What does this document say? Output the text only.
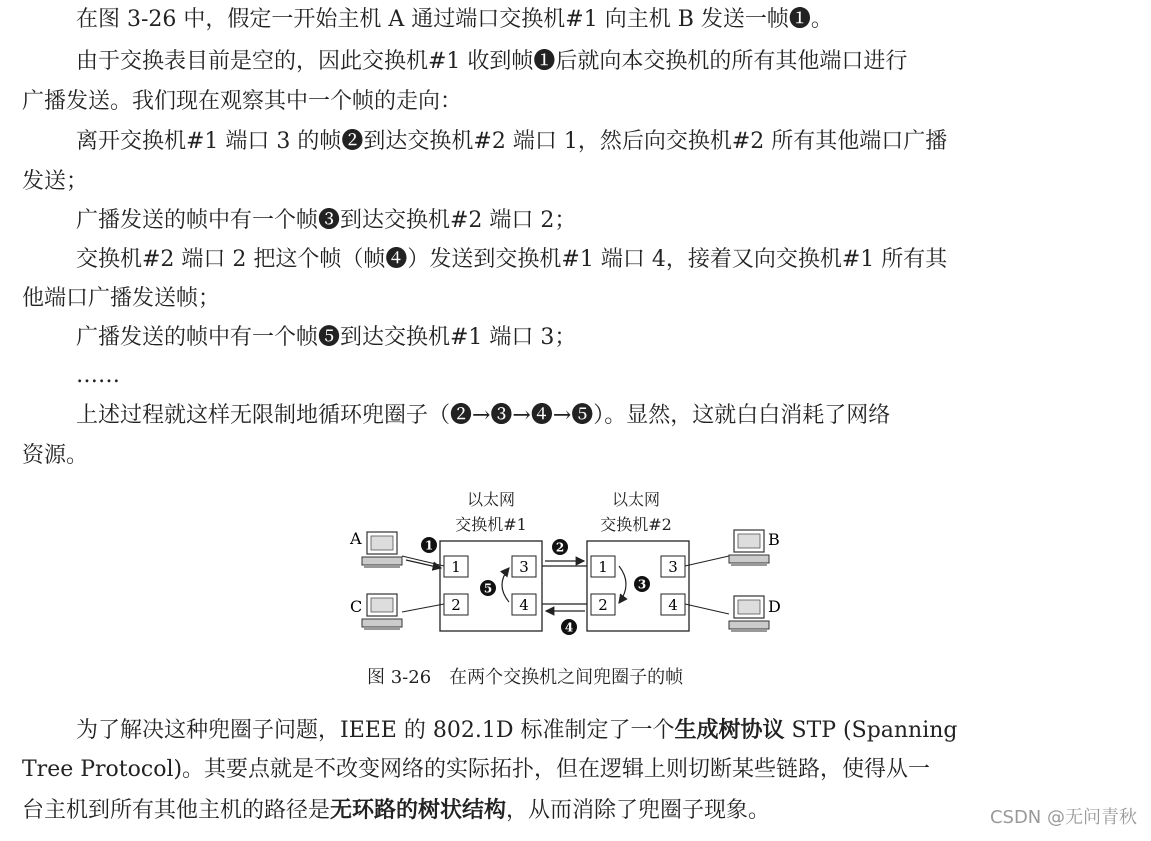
在图 3-26 中，假定一开始主机 A 通过端口交换机#1 向主机 B 发送一帧❶。
由于交换表目前是空的，因此交换机#1 收到帧❶后就向本交换机的所有其他端口进行
广播发送。我们现在观察其中一个帧的走向：
离开交换机#1 端口 3 的帧❷到达交换机#2 端口 1，然后向交换机#2 所有其他端口广播
发送；
广播发送的帧中有一个帧❸到达交换机#2 端口 2；
交换机#2 端口 2 把这个帧（帧❹）发送到交换机#1 端口 4，接着又向交换机#1 所有其
他端口广播发送帧；
广播发送的帧中有一个帧❺到达交换机#1 端口 3；
……
上述过程就这样无限制地循环兜圈子（❷→❸→❹→❺）。显然，这就白白消耗了网络
资源。
以太网
交换机#1
以太网
交换机#2
1
2
3
4
1
2
3
4
A
C
B
D
1	2
3
4
5
图 3-26　在两个交换机之间兜圈子的帧
为了解决这种兜圈子问题，IEEE 的 802.1D 标准制定了一个生成树协议 STP (Spanning
Tree Protocol)。其要点就是不改变网络的实际拓扑，但在逻辑上则切断某些链路，使得从一
台主机到所有其他主机的路径是无环路的树状结构，从而消除了兜圈子现象。	CSDN @无问青秋
